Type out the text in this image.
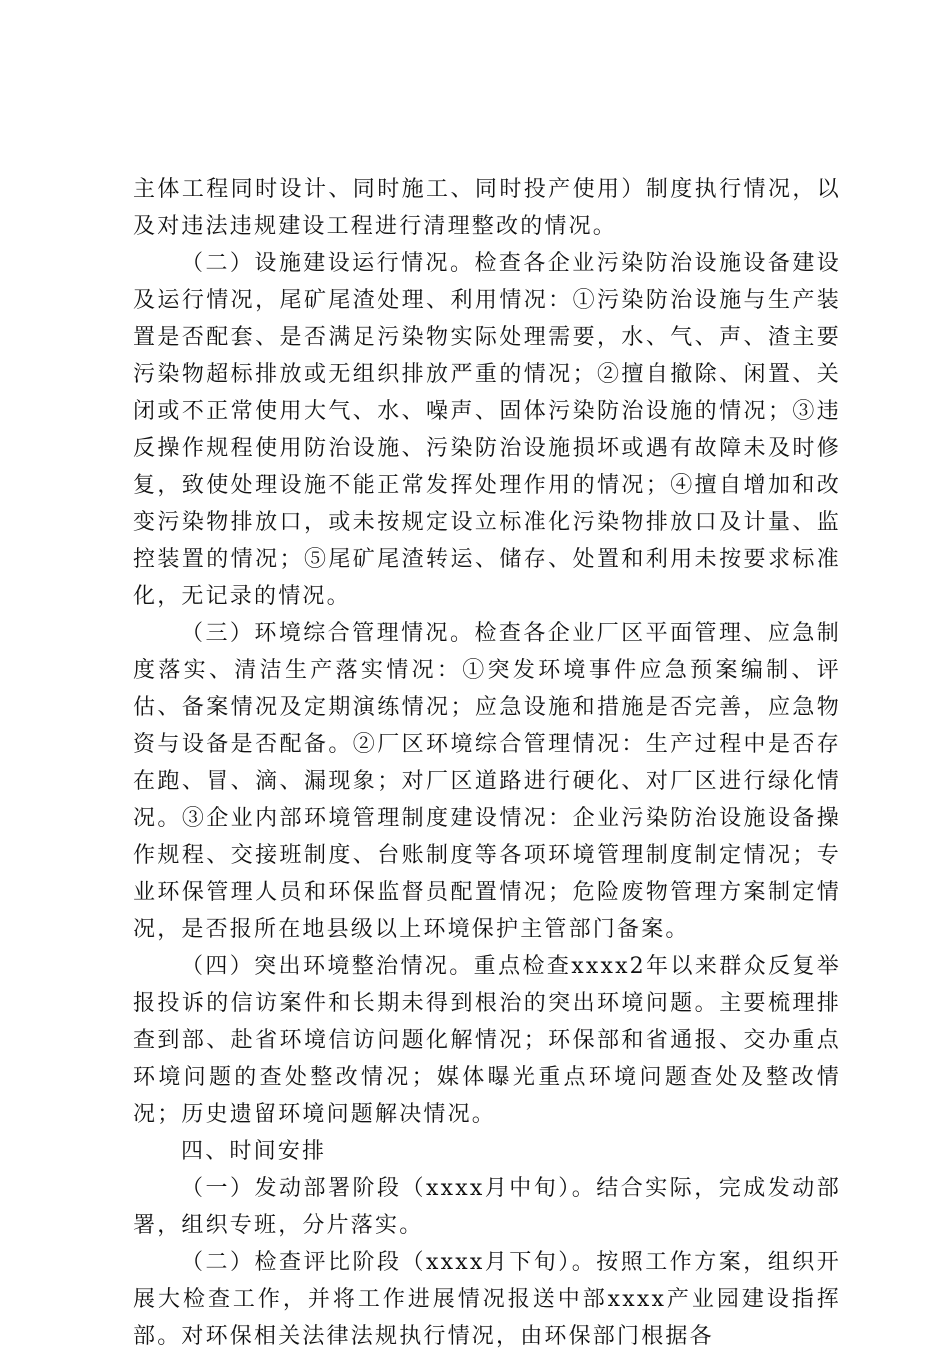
主体工程同时设计、同时施工、同时投产使用）制度执行情况，以及对违法违规建设工程进行清理整改的情况。

（二）设施建设运行情况。检查各企业污染防治设施设备建设及运行情况，尾矿尾渣处理、利用情况：①污染防治设施与生产装置是否配套、是否满足污染物实际处理需要，水、气、声、渣主要污染物超标排放或无组织排放严重的情况；②擅自撤除、闲置、关闭或不正常使用大气、水、噪声、固体污染防治设施的情况；③违反操作规程使用防治设施、污染防治设施损坏或遇有故障未及时修复，致使处理设施不能正常发挥处理作用的情况；④擅自增加和改变污染物排放口，或未按规定设立标准化污染物排放口及计量、监控装置的情况；⑤尾矿尾渣转运、储存、处置和利用未按要求标准化，无记录的情况。

（三）环境综合管理情况。检查各企业厂区平面管理、应急制度落实、清洁生产落实情况：①突发环境事件应急预案编制、评估、备案情况及定期演练情况；应急设施和措施是否完善，应急物资与设备是否配备。②厂区环境综合管理情况：生产过程中是否存在跑、冒、滴、漏现象；对厂区道路进行硬化、对厂区进行绿化情况。③企业内部环境管理制度建设情况：企业污染防治设施设备操作规程、交接班制度、台账制度等各项环境管理制度制定情况；专业环保管理人员和环保监督员配置情况；危险废物管理方案制定情况，是否报所在地县级以上环境保护主管部门备案。

（四）突出环境整治情况。重点检查xxxx2年以来群众反复举报投诉的信访案件和长期未得到根治的突出环境问题。主要梳理排查到部、赴省环境信访问题化解情况；环保部和省通报、交办重点环境问题的查处整改情况；媒体曝光重点环境问题查处及整改情况；历史遗留环境问题解决情况。

四、时间安排

（一）发动部署阶段（xxxx月中旬）。结合实际，完成发动部署，组织专班，分片落实。

（二）检查评比阶段（xxxx月下旬）。按照工作方案，组织开展大检查工作，并将工作进展情况报送中部xxxx产业园建设指挥部。对环保相关法律法规执行情况，由环保部门根据各
